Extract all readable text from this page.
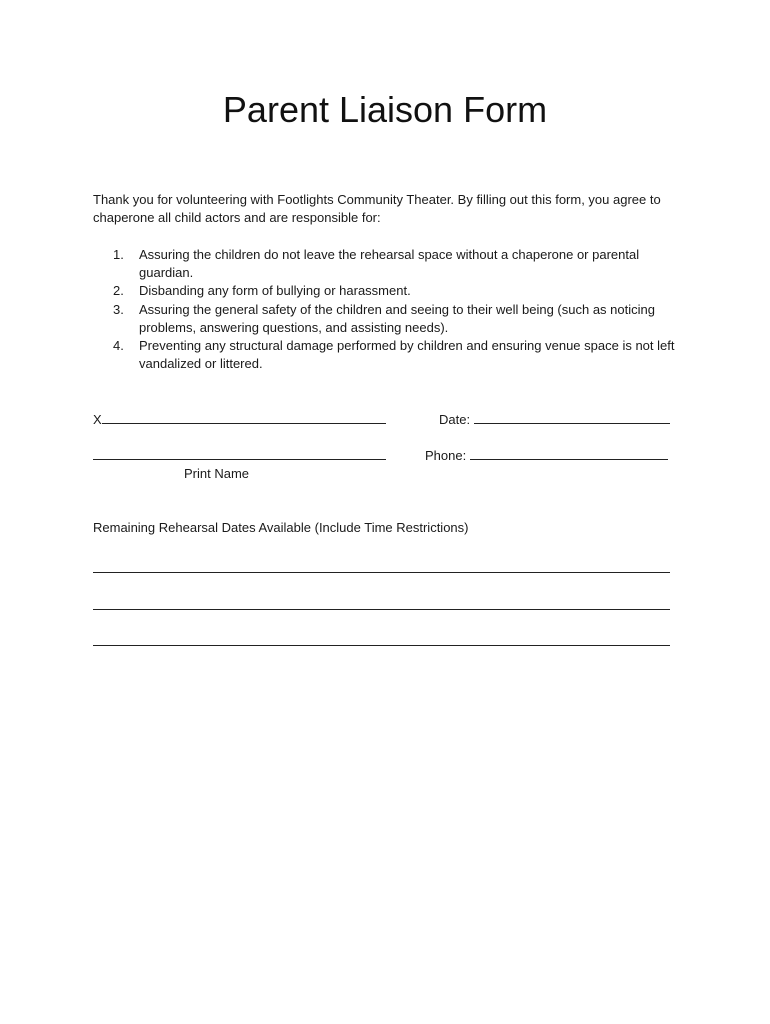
Parent Liaison Form

Thank you for volunteering with Footlights Community Theater. By filling out this form, you agree to chaperone all child actors and are responsible for:

1. Assuring the children do not leave the rehearsal space without a chaperone or parental guardian.
2. Disbanding any form of bullying or harassment.
3. Assuring the general safety of the children and seeing to their well being (such as noticing problems, answering questions, and assisting needs).
4. Preventing any structural damage performed by children and ensuring venue space is not left vandalized or littered.
X	Date:
Phone:
Print Name
Remaining Rehearsal Dates Available (Include Time Restrictions)
